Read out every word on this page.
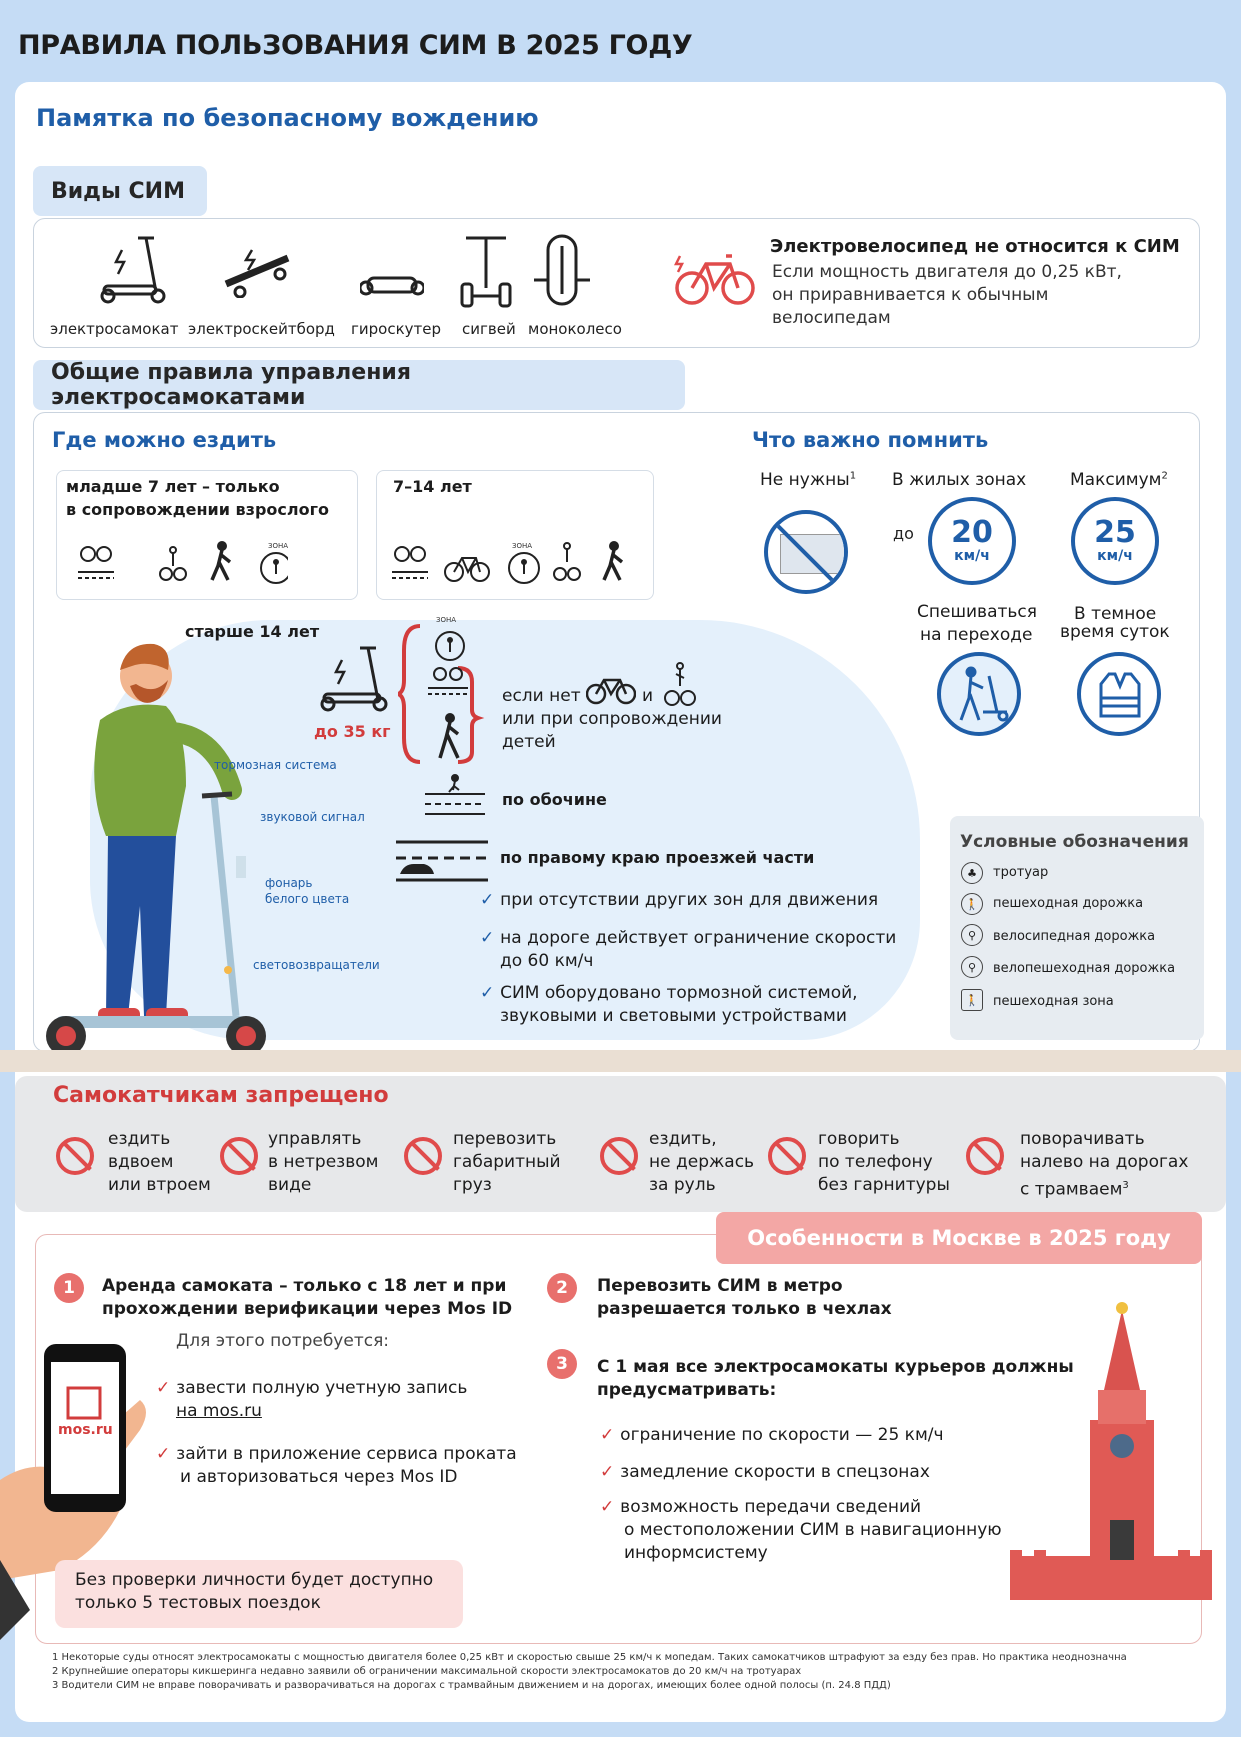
ПРАВИЛА ПОЛЬЗОВАНИЯ СИМ В 2025 ГОДУ
Памятка по безопасному вождению
Виды СИМ
электросамокат электроскейтборд гироскутер сигвей моноколесо
Электровелосипед не относится к СИМ
Если мощность двигателя до 0,25 кВт,
он приравнивается к обычным
велосипедам
Общие правила управления электросамокатами
Где можно ездить
младше 7 лет – только
в сопровождении взрослого
ЗОНА
7–14 лет
ЗОНА
тормозная система
звуковой сигнал
фонарь
белого цвета
световозвращатели
старше 14 лет
до 35 кг
ЗОНА
если нет	и
или при сопровождении
детей
по обочине
по правому краю проезжей части
✓ при отсутствии других зон для движения
✓ на дороге действует ограничение скорости
до 60 км/ч
✓ СИМ оборудовано тормозной системой,
звуковыми и световыми устройствами
Что важно помнить
Не нужны$^1$ В жилых зонах	Максимум$^2$
до 20
км/ч
25
км/ч
Спешиваться
на переходе
В темное
время суток
Условные обозначения
♣	тротуар
🚶	пешеходная дорожка
⚲	велосипедная дорожка
⚲	велопешеходная дорожка
🚶	пешеходная зона
Самокатчикам запрещено
ездить
вдвоем
или втроем
управлять
в нетрезвом
виде
перевозить
габаритный
груз
ездить,
не держась
за руль
говорить
по телефону
без гарнитуры
поворачивать
налево на дорогах
с трамваем$^3$
Особенности в Москве в 2025 году
1	Аренда самоката – только с 18 лет и при
прохождении верификации через Mos ID
Для этого потребуется:
✓ завести полную учетную запись
на mos.ru
✓ зайти в приложение сервиса проката
и авторизоваться через Mos ID
mos.ru
Без проверки личности будет доступно
только 5 тестовых поездок
2	Перевозить СИМ в метро
разрешается только в чехлах
3	С 1 мая все электросамокаты курьеров должны
предусматривать:
✓ ограничение по скорости — 25 км/ч
✓ замедление скорости в спецзонах
✓ возможность передачи сведений
о местоположении СИМ в навигационную
информсистему
1 Некоторые суды относят электросамокаты с мощностью двигателя более 0,25 кВт и скоростью свыше 25 км/ч к мопедам. Таких самокатчиков штрафуют за езду без прав. Но практика неоднозначна
2 Крупнейшие операторы кикшеринга недавно заявили об ограничении максимальной скорости электросамокатов до 20 км/ч на тротуарах
3 Водители СИМ не вправе поворачивать и разворачиваться на дорогах с трамвайным движением и на дорогах, имеющих более одной полосы (п. 24.8 ПДД)
